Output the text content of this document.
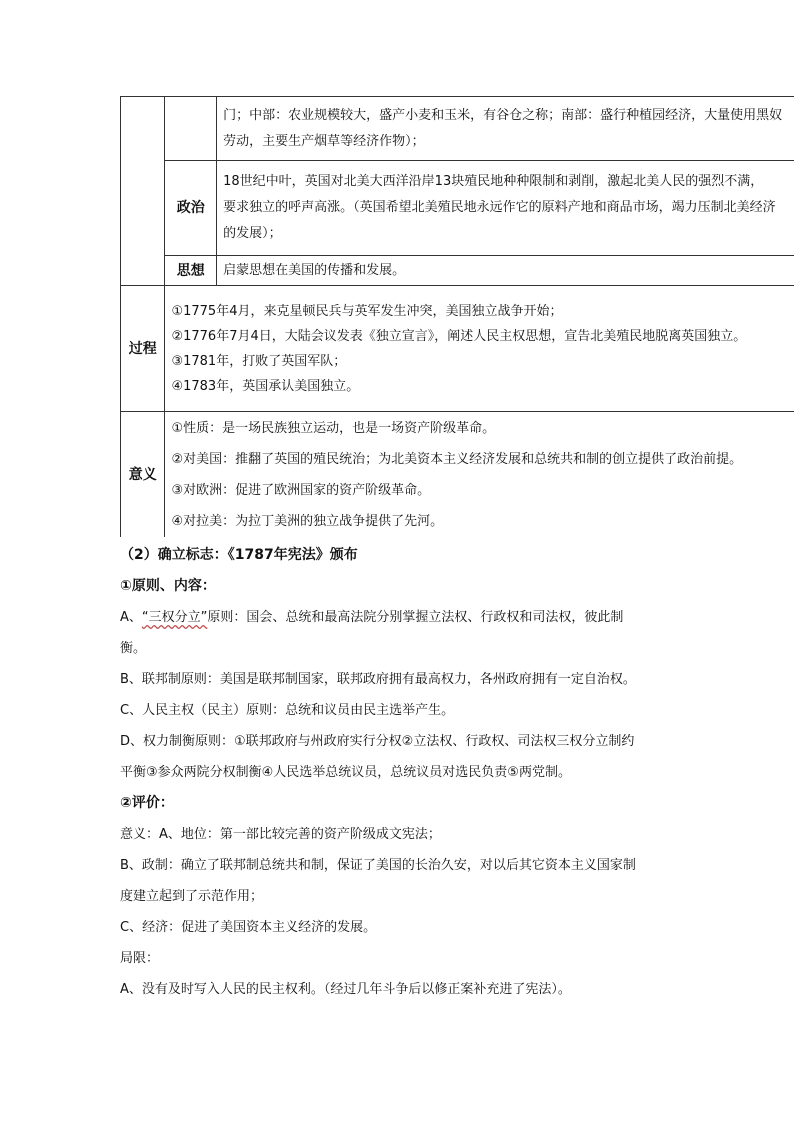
		门；中部：农业规模较大，盛产小麦和玉米，有谷仓之称；南部：盛行种植园经济，大量使用黑奴
劳动，主要生产烟草等经济作物）；

	政治	18世纪中叶，英国对北美大西洋沿岸13块殖民地种种限制和剥削，激起北美人民的强烈不满，
要求独立的呼声高涨。（英国希望北美殖民地永远作它的原料产地和商品市场，竭力压制北美经济
的发展）；

	思想	启蒙思想在美国的传播和发展。
过程	①1775年4月，来克星顿民兵与英军发生冲突，美国独立战争开始；
②1776年7月4日，大陆会议发表《独立宣言》，阐述人民主权思想，宣告北美殖民地脱离英国独立。
③1781年，打败了英国军队；
④1783年，英国承认美国独立。	

意义	①性质：是一场民族独立运动，也是一场资产阶级革命。
②对美国：推翻了英国的殖民统治；为北美资本主义经济发展和总统共和制的创立提供了政治前提。
③对欧洲：促进了欧洲国家的资产阶级革命。
④对拉美：为拉丁美洲的独立战争提供了先河。	

（2）确立标志：《1787年宪法》颁布

①原则、内容：

A、“三权分立”原则：国会、总统和最高法院分别掌握立法权、行政权和司法权，彼此制

衡。

B、联邦制原则：美国是联邦制国家，联邦政府拥有最高权力，各州政府拥有一定自治权。

C、人民主权（民主）原则：总统和议员由民主选举产生。

D、权力制衡原则：①联邦政府与州政府实行分权②立法权、行政权、司法权三权分立制约

平衡③参众两院分权制衡④人民选举总统议员，总统议员对选民负责⑤两党制。

②评价：

意义：A、地位：第一部比较完善的资产阶级成文宪法；

B、政制：确立了联邦制总统共和制，保证了美国的长治久安，对以后其它资本主义国家制

度建立起到了示范作用；

C、经济：促进了美国资本主义经济的发展。

局限：

A、没有及时写入人民的民主权利。（经过几年斗争后以修正案补充进了宪法）。
